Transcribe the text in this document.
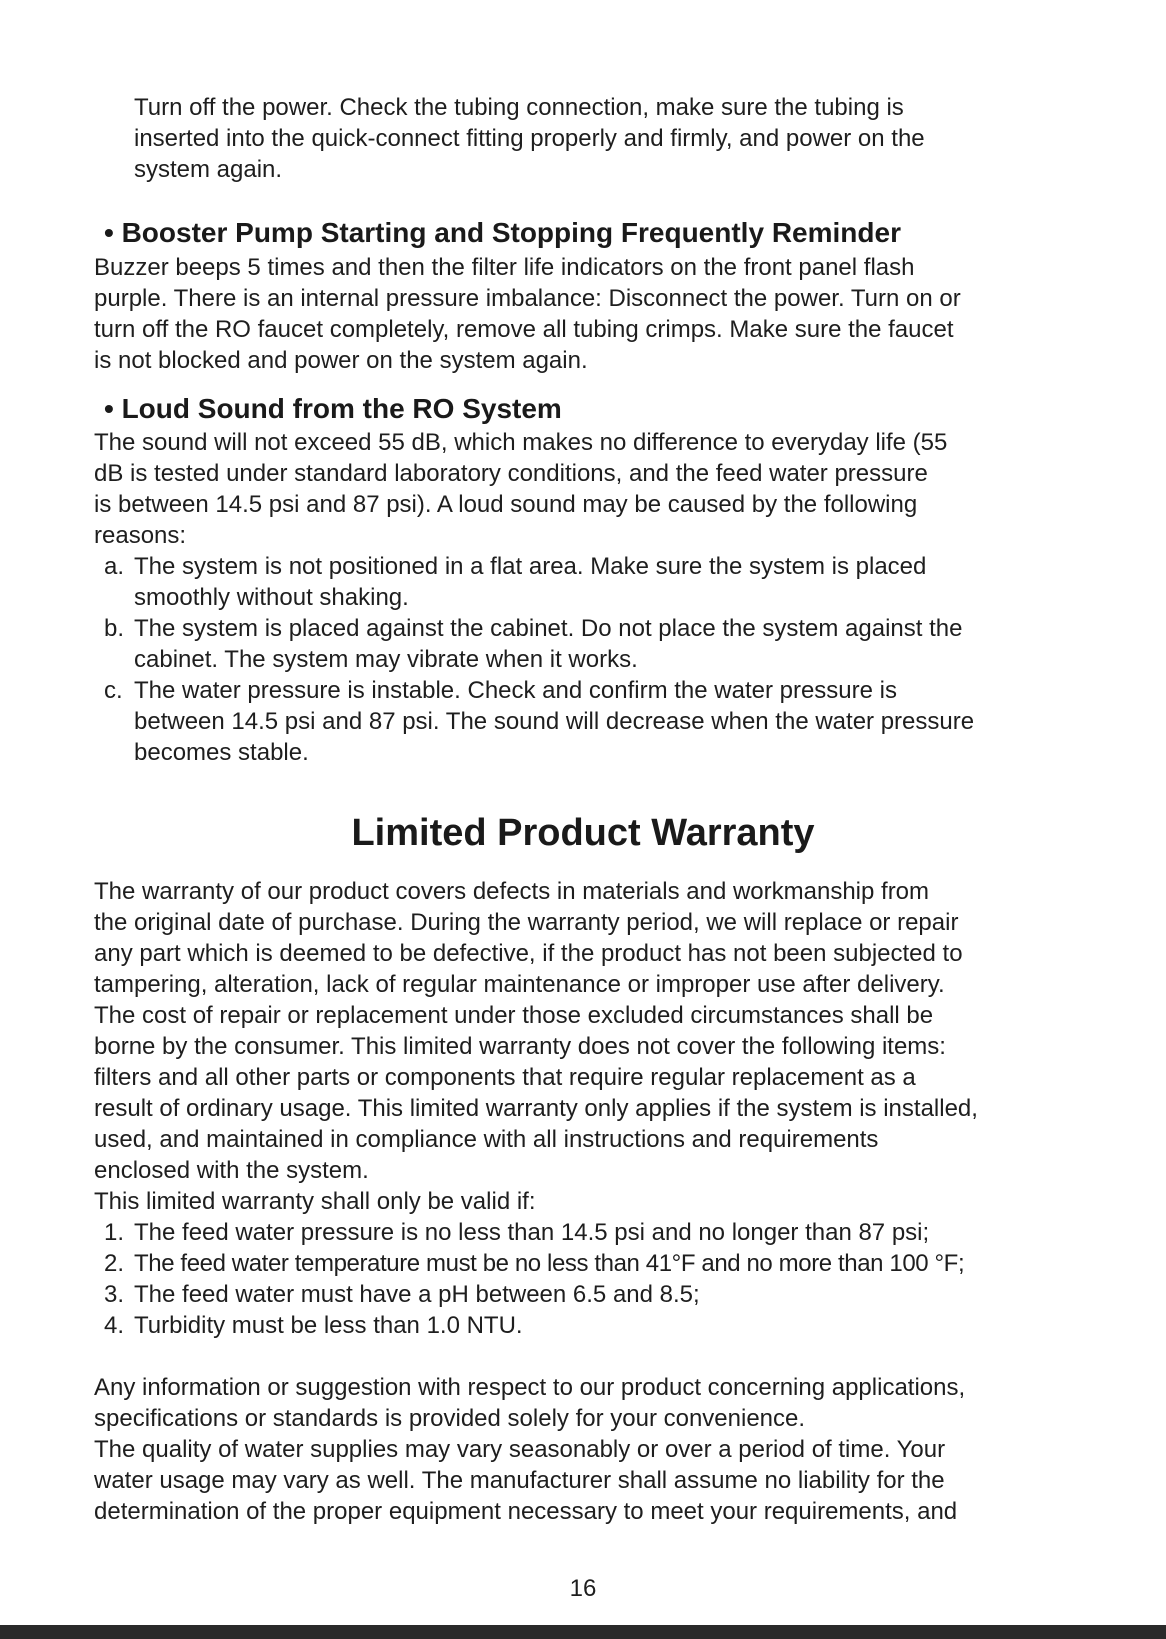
Turn off the power. Check the tubing connection, make sure the tubing is
inserted into the quick-connect fitting properly and firmly, and power on the
system again.
• Booster Pump Starting and Stopping Frequently Reminder
Buzzer beeps 5 times and then the filter life indicators on the front panel flash
purple. There is an internal pressure imbalance: Disconnect the power. Turn on or
turn off the RO faucet completely, remove all tubing crimps. Make sure the faucet
is not blocked and power on the system again.
• Loud Sound from the RO System
The sound will not exceed 55 dB, which makes no difference to everyday life (55
dB is tested under standard laboratory conditions, and the feed water pressure
is between 14.5 psi and 87 psi). A loud sound may be caused by the following
reasons:
a. The system is not positioned in a flat area. Make sure the system is placed
smoothly without shaking.
b. The system is placed against the cabinet. Do not place the system against the
cabinet. The system may vibrate when it works.
c. The water pressure is instable. Check and confirm the water pressure is
between 14.5 psi and 87 psi. The sound will decrease when the water pressure
becomes stable.
Limited Product Warranty
The warranty of our product covers defects in materials and workmanship from
the original date of purchase. During the warranty period, we will replace or repair
any part which is deemed to be defective, if the product has not been subjected to
tampering, alteration, lack of regular maintenance or improper use after delivery.
The cost of repair or replacement under those excluded circumstances shall be
borne by the consumer. This limited warranty does not cover the following items:
filters and all other parts or components that require regular replacement as a
result of ordinary usage. This limited warranty only applies if the system is installed,
used, and maintained in compliance with all instructions and requirements
enclosed with the system.
This limited warranty shall only be valid if:
1. The feed water pressure is no less than 14.5 psi and no longer than 87 psi;
2. The feed water temperature must be no less than 41°F and no more than 100 °F;
3. The feed water must have a pH between 6.5 and 8.5;
4. Turbidity must be less than 1.0 NTU.
Any information or suggestion with respect to our product concerning applications,
specifications or standards is provided solely for your convenience.
The quality of water supplies may vary seasonably or over a period of time. Your
water usage may vary as well. The manufacturer shall assume no liability for the
determination of the proper equipment necessary to meet your requirements, and
16
